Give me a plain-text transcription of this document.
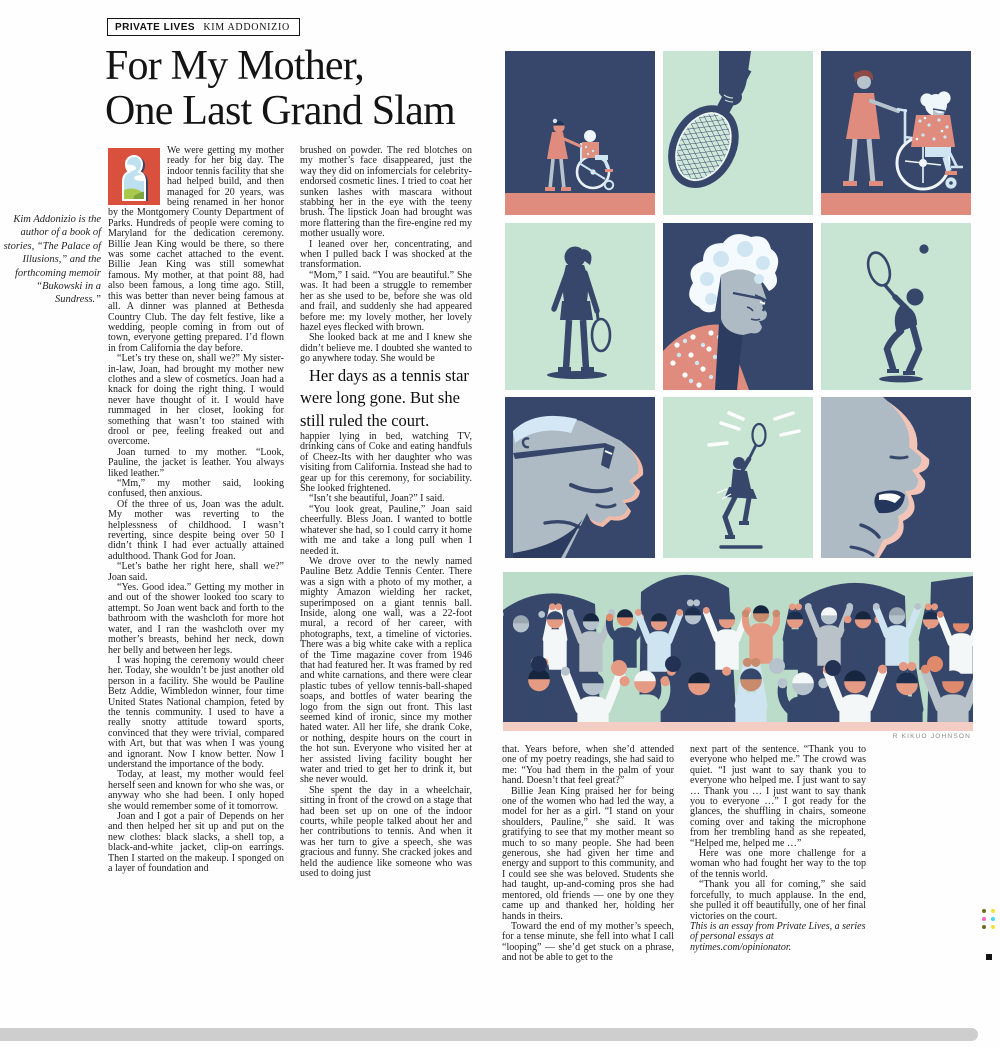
PRIVATE LIVES KIM ADDONIZIO
For My Mother,
One Last Grand Slam
Kim Addonizio is the author of a book of stories, “The Palace of Illusions,” and the forthcoming memoir “Bukowski in a Sundress.”

We were getting my mother ready for her big day. The indoor tennis facility that she had helped build, and then managed for 20 years, was being renamed in her honor by the Montgomery County Department of Parks. Hundreds of people were coming to Maryland for the dedication ceremony. Billie Jean King would be there, so there was some cachet attached to the event. Billie Jean King was still somewhat famous. My mother, at that point 88, had also been famous, a long time ago. Still, this was better than never being famous at all. A dinner was planned at Bethesda Country Club. The day felt festive, like a wedding, people coming in from out of town, everyone getting prepared. I’d flown in from California the day before.

“Let’s try these on, shall we?” My sister-in-law, Joan, had brought my mother new clothes and a slew of cosmetics. Joan had a knack for doing the right thing. I would never have thought of it. I would have rummaged in her closet, looking for something that wasn’t too stained with drool or pee, feeling freaked out and overcome.

Joan turned to my mother. “Look, Pauline, the jacket is leather. You always liked leather.”

“Mm,” my mother said, looking confused, then anxious.

Of the three of us, Joan was the adult. My mother was reverting to the helplessness of childhood. I wasn’t reverting, since despite being over 50 I didn’t think I had ever actually attained adulthood. Thank God for Joan.

“Let’s bathe her right here, shall we?” Joan said.

“Yes. Good idea.” Getting my mother in and out of the shower looked too scary to attempt. So Joan went back and forth to the bathroom with the washcloth for more hot water, and I ran the washcloth over my mother’s breasts, behind her neck, down her belly and between her legs.

I was hoping the ceremony would cheer her. Today, she wouldn’t be just another old person in a facility. She would be Pauline Betz Addie, Wimbledon winner, four time United States National champion, feted by the tennis community. I used to have a really snotty attitude toward sports, convinced that they were trivial, compared with Art, but that was when I was young and ignorant. Now I know better. Now I understand the importance of the body.

Today, at least, my mother would feel herself seen and known for who she was, or anyway who she had been. I only hoped she would remember some of it tomorrow.

Joan and I got a pair of Depends on her and then helped her sit up and put on the new clothes: black slacks, a shell top, a black-and-white jacket, clip-on earrings. Then I started on the makeup. I sponged on a layer of foundation and

brushed on powder. The red blotches on my mother’s face disappeared, just the way they did on infomercials for celebrity-endorsed cosmetic lines. I tried to coat her sunken lashes with mascara without stabbing her in the eye with the teeny brush. The lipstick Joan had brought was more flattering than the fire-engine red my mother usually wore.

I leaned over her, concentrating, and when I pulled back I was shocked at the transformation.

“Mom,” I said. “You are beautiful.” She was. It had been a struggle to remember her as she used to be, before she was old and frail, and suddenly she had appeared before me: my lovely mother, her lovely hazel eyes flecked with brown.

She looked back at me and I knew she didn’t believe me. I doubted she wanted to go anywhere today. She would be

Her days as a tennis star were long gone. But she still ruled the court.

happier lying in bed, watching TV, drinking cans of Coke and eating handfuls of Cheez-Its with her daughter who was visiting from California. Instead she had to gear up for this ceremony, for sociability. She looked frightened.

“Isn’t she beautiful, Joan?” I said.

“You look great, Pauline,” Joan said cheerfully. Bless Joan. I wanted to bottle whatever she had, so I could carry it home with me and take a long pull when I needed it.

We drove over to the newly named Pauline Betz Addie Tennis Center. There was a sign with a photo of my mother, a mighty Amazon wielding her racket, superimposed on a giant tennis ball. Inside, along one wall, was a 22-foot mural, a record of her career, with photographs, text, a timeline of victories. There was a big white cake with a replica of the Time magazine cover from 1946 that had featured her. It was framed by red and white carnations, and there were clear plastic tubes of yellow tennis-ball-shaped soaps, and bottles of water bearing the logo from the sign out front. This last seemed kind of ironic, since my mother hated water. All her life, she drank Coke, or nothing, despite hours on the court in the hot sun. Everyone who visited her at her assisted living facility bought her water and tried to get her to drink it, but she never would.

She spent the day in a wheelchair, sitting in front of the crowd on a stage that had been set up on one of the indoor courts, while people talked about her and her contributions to tennis. And when it was her turn to give a speech, she was gracious and funny. She cracked jokes and held the audience like someone who was used to doing just

that. Years before, when she’d attended one of my poetry readings, she had said to me: “You had them in the palm of your hand. Doesn’t that feel great?”

Billie Jean King praised her for being one of the women who had led the way, a model for her as a girl. “I stand on your shoulders, Pauline,” she said. It was gratifying to see that my mother meant so much to so many people. She had been generous, she had given her time and energy and support to this community, and I could see she was beloved. Students she had taught, up-and-coming pros she had mentored, old friends — one by one they came up and thanked her, holding her hands in theirs.

Toward the end of my mother’s speech, for a tense minute, she fell into what I call “looping” — she’d get stuck on a phrase, and not be able to get to the

next part of the sentence. “Thank you to everyone who helped me.” The crowd was quiet. “I just want to say thank you to everyone who helped me. I just want to say … Thank you … I just want to say thank you to everyone …” I got ready for the glances, the shuffling in chairs, someone coming over and taking the microphone from her trembling hand as she repeated, “Helped me, helped me …”

Here was one more challenge for a woman who had fought her way to the top of the tennis world.

“Thank you all for coming,” she said forcefully, to much applause. In the end, she pulled it off beautifully, one of her final victories on the court.

This is an essay from Private Lives, a series of personal essays at nytimes.com/opinionator.

R KIKUO JOHNSON
